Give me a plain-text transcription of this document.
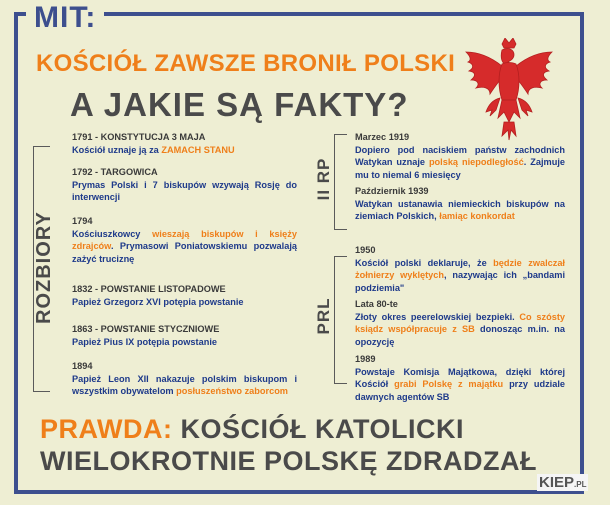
MIT:
KOŚCIÓŁ ZAWSZE BRONIŁ POLSKI
A JAKIE SĄ FAKTY?
ROZBIORY
1791 - KONSTYTUCJA 3 MAJA
Kościół uznaje ją za ZAMACH STANU
1792 - TARGOWICA
Prymas Polski i 7 biskupów wzywają Rosję do interwencji
1794
Kościuszkowcy wieszają biskupów i księży zdrajców. Prymasowi Poniatowskiemu pozwalają zażyć truciznę
1832 - POWSTANIE LISTOPADOWE
Papież Grzegorz XVI potępia powstanie
1863 - POWSTANIE STYCZNIOWE
Papież Pius IX potępia powstanie
1894
Papież Leon XII nakazuje polskim biskupom i wszystkim obywatelom posłuszeństwo zaborcom
II RP
Marzec 1919
Dopiero pod naciskiem państw zachodnich Watykan uznaje polską niepodległość. Zajmuje mu to niemal 6 miesięcy
Październik 1939
Watykan ustanawia niemieckich biskupów na ziemiach Polskich, łamiąc konkordat
PRL
1950
Kościół polski deklaruje, że będzie zwalczał żołnierzy wyklętych, nazywając ich „bandami podziemia"
Lata 80-te
Złoty okres peerelowskiej bezpieki. Co szósty ksiądz współpracuje z SB donosząc m.in. na opozycję
1989
Powstaje Komisja Majątkowa, dzięki której Kościół grabi Polskę z majątku przy udziale dawnych agentów SB
PRAWDA: KOŚCIÓŁ KATOLICKI
WIELOKROTNIE POLSKĘ ZDRADZAŁ
KIEP.PL
